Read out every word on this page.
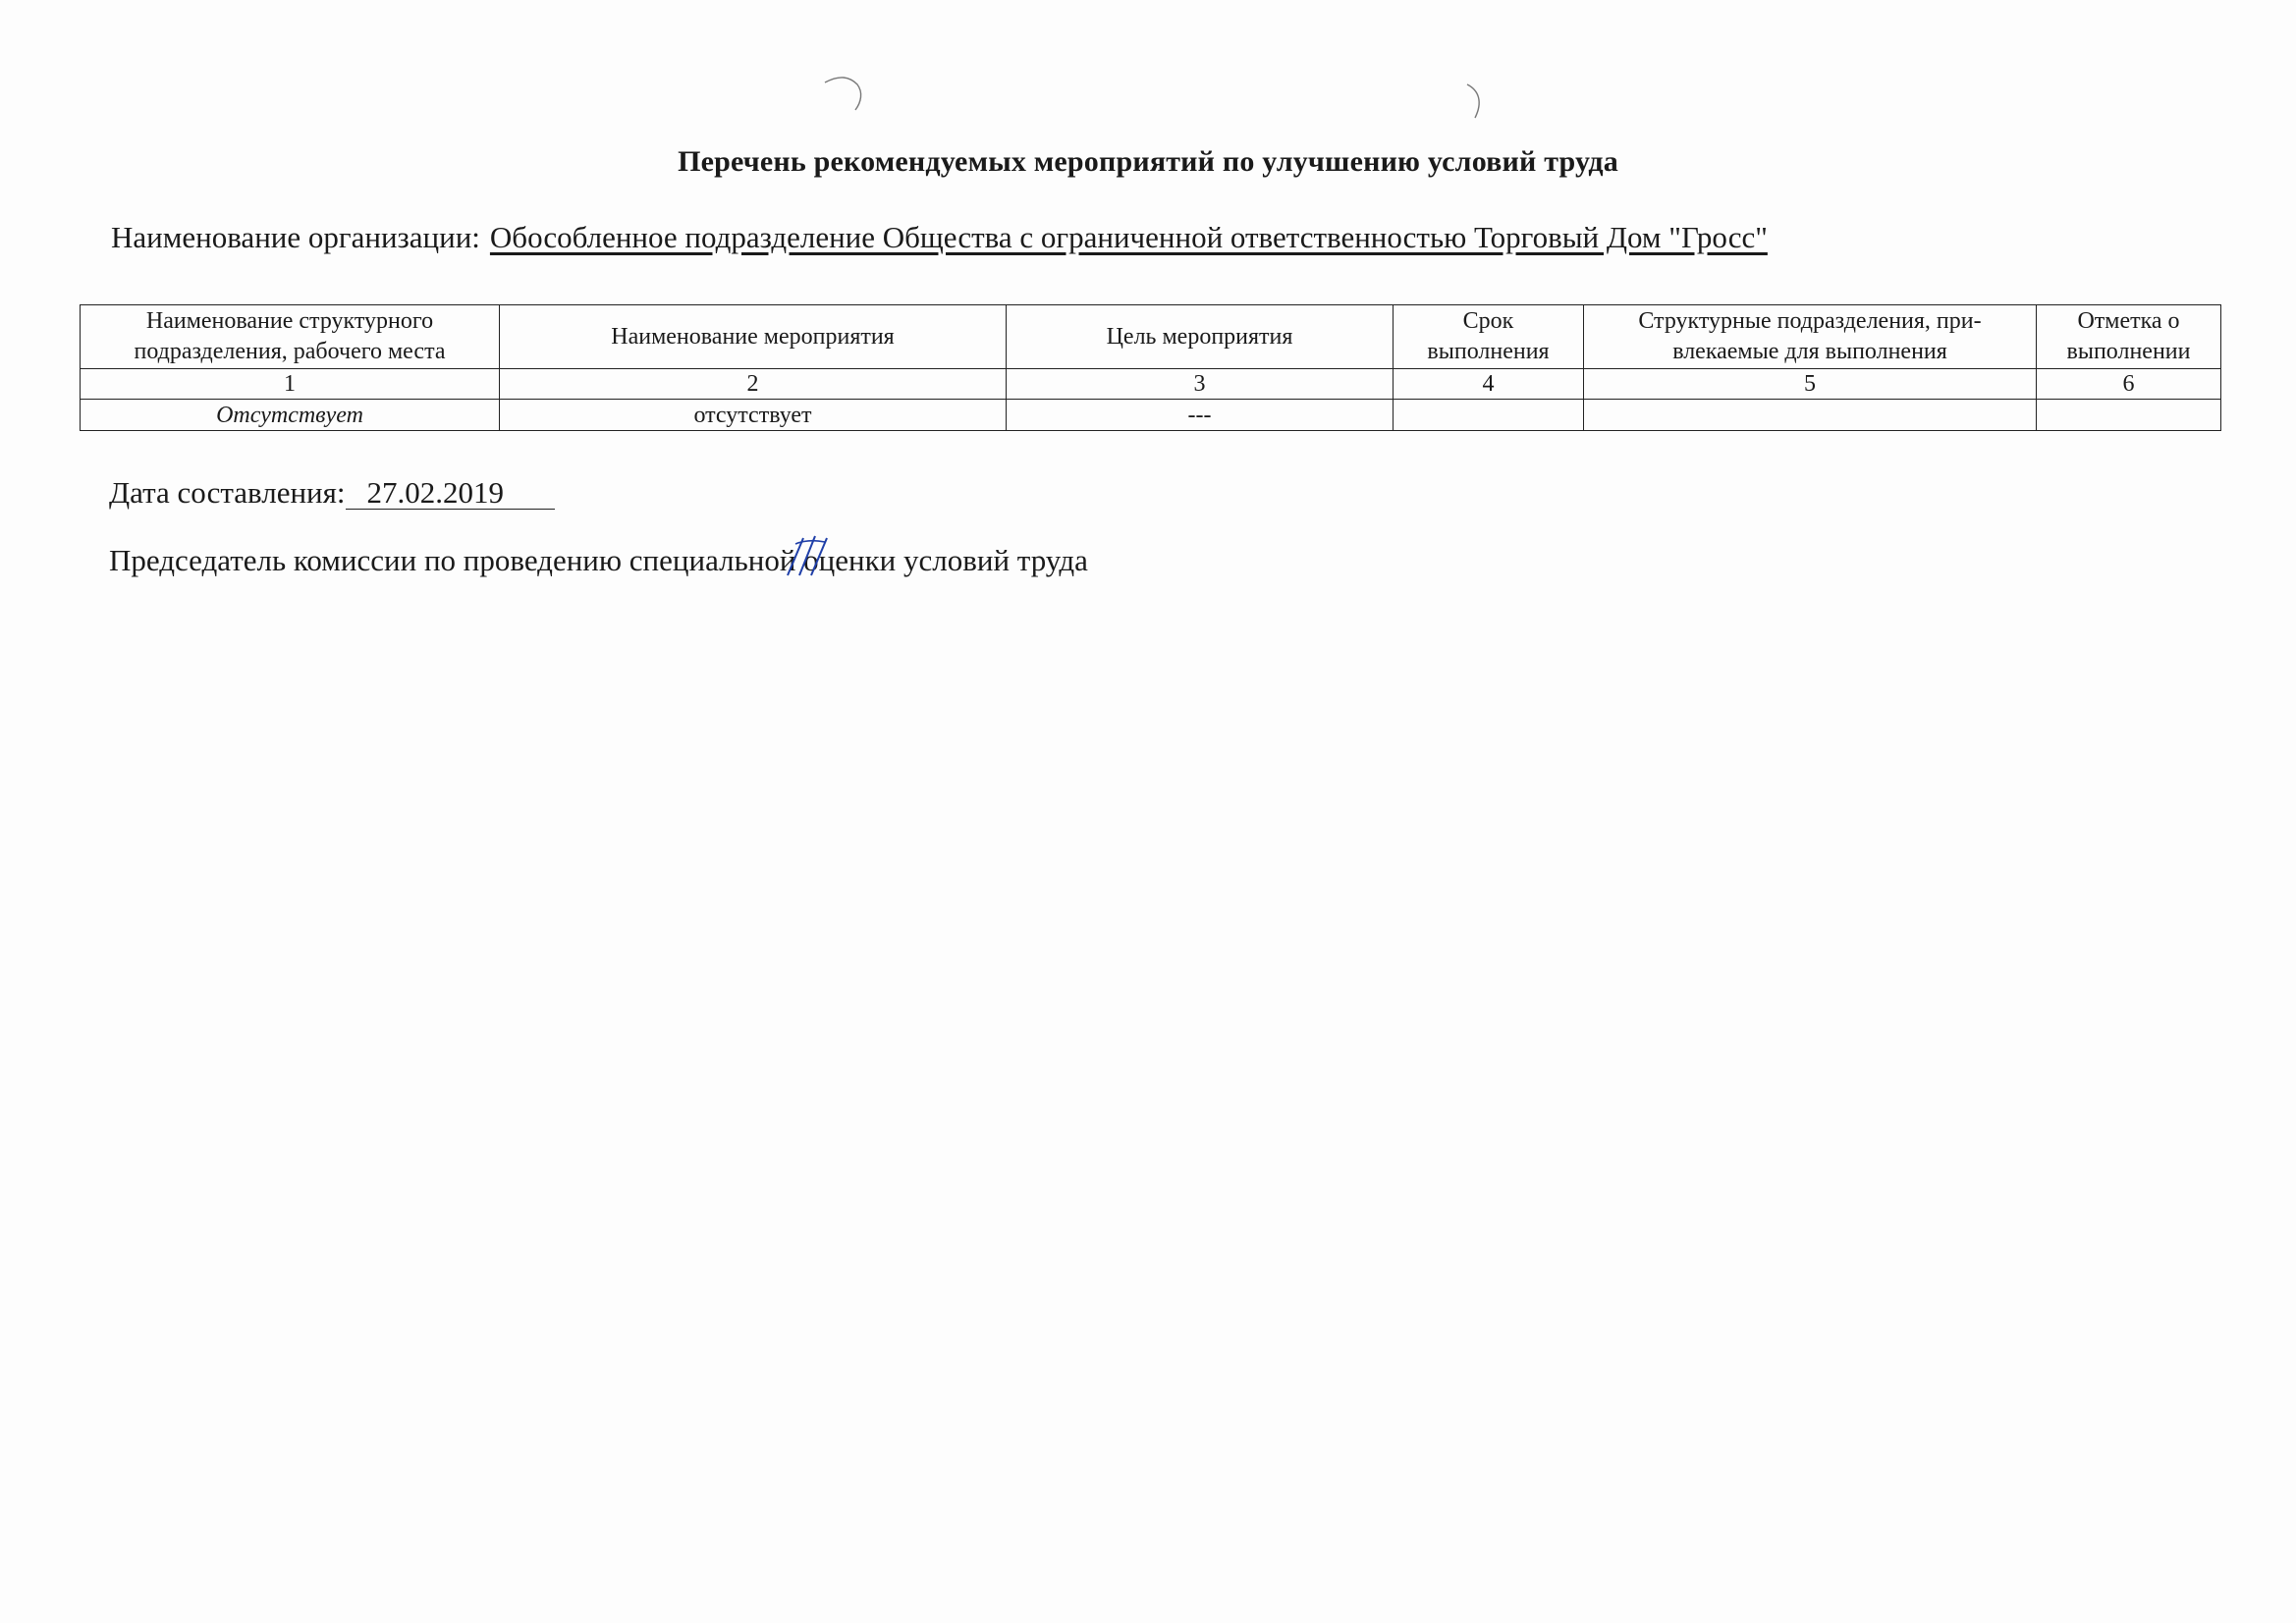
Перечень рекомендуемых мероприятий по улучшению условий труда
Наименование организации: Обособленное подразделение Общества с ограниченной ответственностью Торговый Дом "Гросс"
Наименование структурного подразделения, рабочего места	Наименование мероприятия	Цель мероприятия	Срок выполнения	Структурные подразделения, при-влекаемые для выполнения	Отметка о выполнении
1	2	3	4	5	6
Отсутствует	отсутствует	---			
Дата составления: 27.02.2019
Председатель комиссии по проведению специальной оценки условий труда
